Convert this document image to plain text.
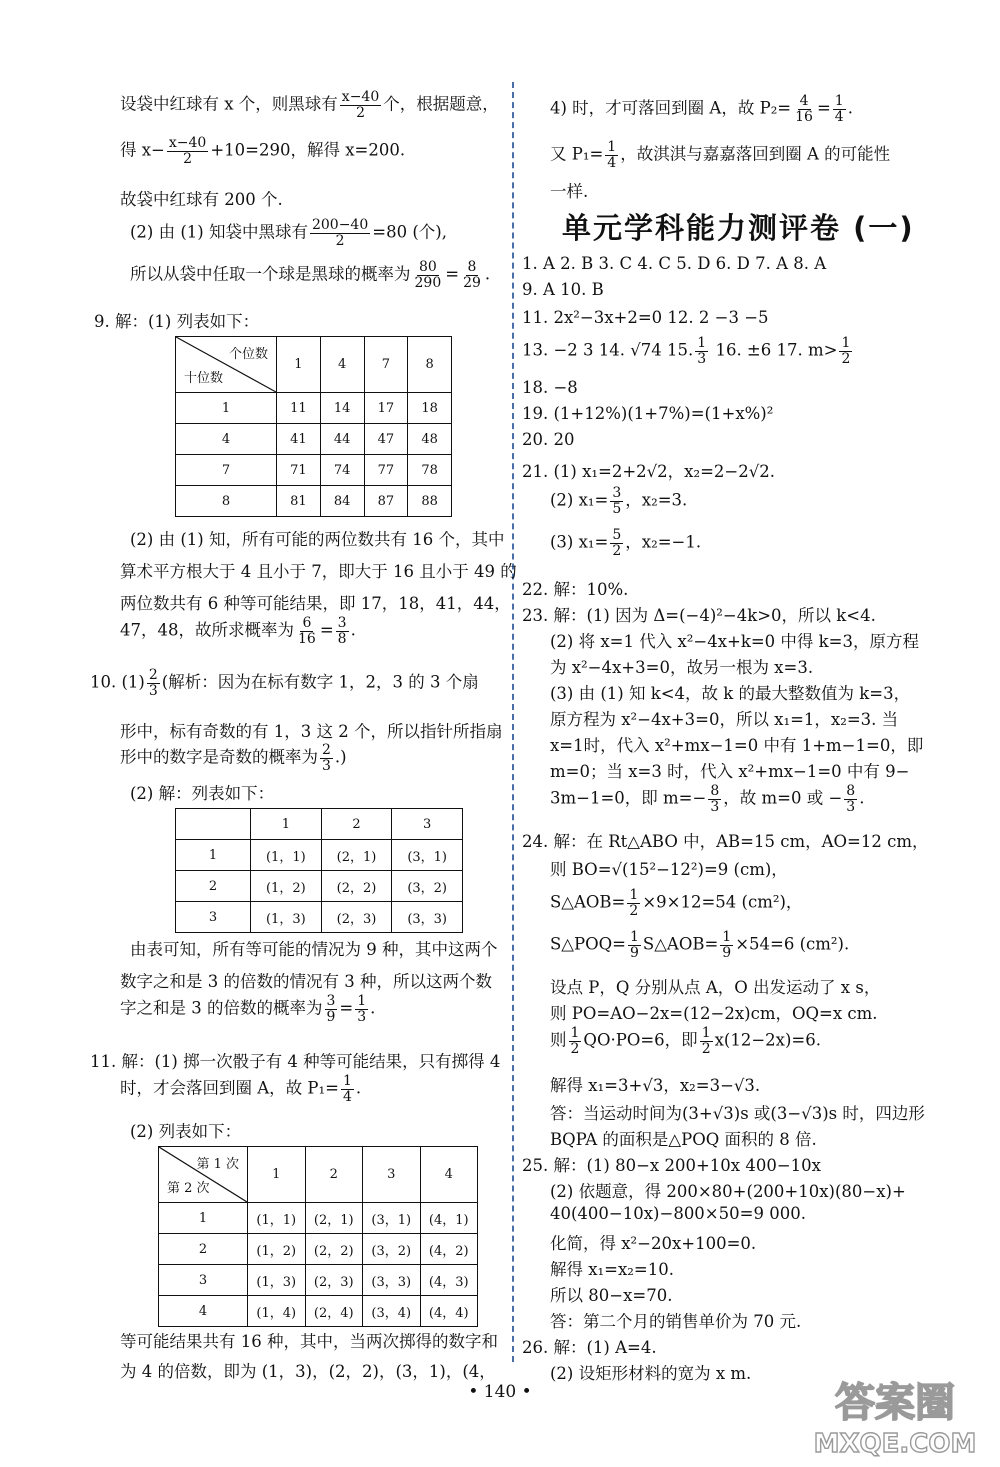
设袋中红球有 x 个，则黑球有 $\frac{x-40}{2}$ 个，根据题意，
得 $x- \frac{x-40}{2} +10=290$，解得 x=200.
故袋中红球有 200 个.
(2) 由 (1) 知袋中黑球有 $\frac{200-40}{2} =80$ (个),
所以从袋中任取一个球是黑球的概率为 $\frac{80}{290} = \frac{8}{29}$ .
9. 解：(1) 列表如下：
个位数
十位数	1	4	7	8
1	11	14	17	18
4	41	44	47	48
7	71	74	77	78
8	81	84	87	88
(2) 由 (1) 知，所有可能的两位数共有 16 个，其中
算术平方根大于 4 且小于 7，即大于 16 且小于 49 的
两位数共有 6 种等可能结果，即 17，18，41，44，
47，48，故所求概率为 $\frac{6}{16} = \frac{3}{8}$ .
10. $(1) \frac{2}{3}$ (解析：因为在标有数字 1，2，3 的 3 个扇
形中，标有奇数的有 1，3 这 2 个，所以指针所指扇
形中的数字是奇数的概率为 $\frac{2}{3}$ .)
(2) 解：列表如下：
	1	2	3
1	(1，1)	(2，1)	(3，1)
2	(1，2)	(2，2)	(3，2)
3	(1，3)	(2，3)	(3，3)
由表可知，所有等可能的情况为 9 种，其中这两个
数字之和是 3 的倍数的情况有 3 种，所以这两个数
字之和是 3 的倍数的概率为 $\frac{3}{9} = \frac{1}{3}$ .
11. 解：(1) 掷一次骰子有 4 种等可能结果，只有掷得 4
时，才会落回到圈 A，故 $P_1= \frac{1}{4}$ .
(2) 列表如下：
第 1 次
第 2 次	1	2	3	4
1	(1，1)	(2，1)	(3，1)	(4，1)
2	(1，2)	(2，2)	(3，2)	(4，2)
3	(1，3)	(2，3)	(3，3)	(4，3)
4	(1，4)	(2，4)	(3，4)	(4，4)
等可能结果共有 16 种，其中，当两次掷得的数字和
为 4 的倍数，即为 (1，3)，(2，2)，(3，1)，(4，
4) 时，才可落回到圈 A，故 $P_2= \frac{4}{16} = \frac{1}{4}$ .
又 $P_1= \frac{1}{4}$ ，故淇淇与嘉嘉落回到圈 A 的可能性
一样.
单元学科能力测评卷 (一)
1. A 2. B 3. C 4. C 5. D 6. D 7. A 8. A
9. A 10. B
11. 2x²−3x+2=0 12. 2 −3 −5
13. −2 3 14. √74 15. $\frac{1}{3} 16$. ±6 17. $m> \frac{1}{2}$
18. −8
19. (1+12%)(1+7%)=(1+x%)²
20. 20
21. (1) x₁=2+2√2，x₂=2−2√2.
(2) $x_1= \frac{3}{5}$ ，x₂=3.
(3) $x_1= \frac{5}{2}$ ，x₂=−1.
22. 解：10%.
23. 解：(1) 因为 Δ=(−4)²−4k>0，所以 k<4.
(2) 将 x=1 代入 x²−4x+k=0 中得 k=3，原方程
为 x²−4x+3=0，故另一根为 x=3.
(3) 由 (1) 知 k<4，故 k 的最大整数值为 k=3，
原方程为 x²−4x+3=0，所以 x₁=1，x₂=3. 当
x=1时，代入 x²+mx−1=0 中有 1+m−1=0，即
m=0；当 x=3 时，代入 x²+mx−1=0 中有 9−
3m−1=0，即 $m=- \frac{8}{3}$ ，故 m=0 或 − $\frac{8}{3}$ .
24. 解：在 Rt△ABO 中，AB=15 cm，AO=12 cm，
则 BO=√(15²−12²)=9 (cm)，
S△AOB= $\frac{1}{2} \times 9\times 12=54$ (cm²)，
S△POQ= $\frac{1}{9}$ S△AOB= $\frac{1}{9} \times 54=6$ (cm²).
设点 P，Q 分别从点 A，O 出发运动了 x s，
则 PO=AO−2x=(12−2x)cm，OQ=x cm.
则 $\frac{1}{2} QO\cdot PO=6$，即 $\frac{1}{2} x(12-2x)=6$.
解得 x₁=3+√3，x₂=3−√3.
答：当运动时间为(3+√3)s 或(3−√3)s 时，四边形
BQPA 的面积是△POQ 面积的 8 倍.
25. 解：(1) 80−x 200+10x 400−10x
(2) 依题意，得 200×80+(200+10x)(80−x)+
40(400−10x)−800×50=9 000.
化简，得 x²−20x+100=0.
解得 x₁=x₂=10.
所以 80−x=70.
答：第二个月的销售单价为 70 元.
26. 解：(1) A=4.
(2) 设矩形材料的宽为 x m.
• 140 •	答案圈
MXQE.COM
